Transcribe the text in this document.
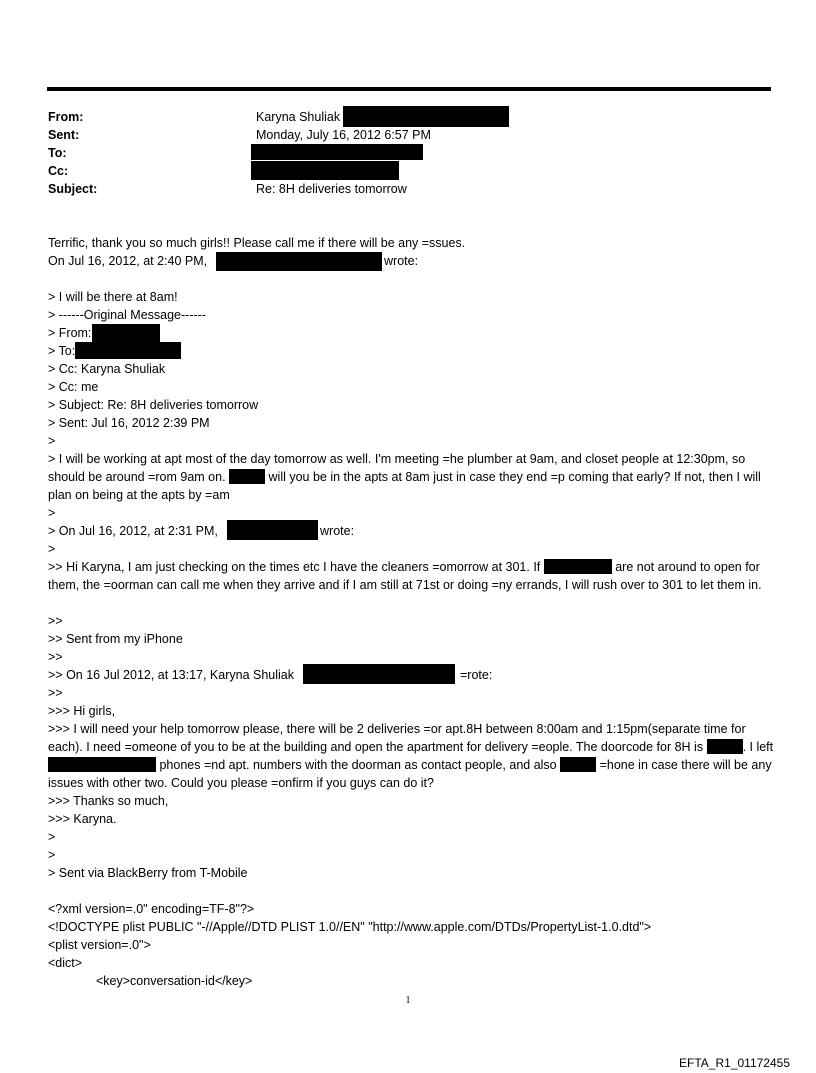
From:	Karyna Shuliak
Sent:	Monday, July 16, 2012 6:57 PM
To:
Cc:
Subject:	Re: 8H deliveries tomorrow
Terrific, thank you so much girls!! Please call me if there will be any =ssues.
On Jul 16, 2012, at 2:40 PM,	wrote:
> I will be there at 8am!
> ------Original Message------
> From:
> To:
> Cc: Karyna Shuliak
> Cc: me
> Subject: Re: 8H deliveries tomorrow
> Sent: Jul 16, 2012 2:39 PM
>
> I will be working at apt most of the day tomorrow as well. I'm meeting =he plumber at 9am, and closet people at 12:30pm, so should be around =rom 9am on.	will you be in the apts at 8am just in case they end =p coming that early? If not, then I will plan on being at the apts by =am
>
> On Jul 16, 2012, at 2:31 PM,	wrote:
>
>> Hi Karyna, I am just checking on the times etc I have the cleaners =omorrow at 301. If	are not around to open for them, the =oorman can call me when they arrive and if I am still at 71st or doing =ny errands, I will rush over to 301 to let them in.
>>
>> Sent from my iPhone
>>
>> On 16 Jul 2012, at 13:17, Karyna Shuliak	=rote:
>>
>>> Hi girls,
>>> I will need your help tomorrow please, there will be 2 deliveries =or apt.8H between 8:00am and 1:15pm(separate time for each). I need =omeone of you to be at the building and open the apartment for delivery =eople. The doorcode for 8H is	. I left  phones =nd apt. numbers with the doorman as contact people, and also	=hone in case there will be any issues with other two. Could you please =onfirm if you guys can do it?
>>> Thanks so much,
>>> Karyna.
>
>
> Sent via BlackBerry from T-Mobile
<?xml version=.0" encoding=TF-8"?>
<!DOCTYPE plist PUBLIC "-//Apple//DTD PLIST 1.0//EN" "http://www.apple.com/DTDs/PropertyList-1.0.dtd">
<plist version=.0">
<dict>
<key>conversation-id</key>
1
EFTA_R1_01172455
